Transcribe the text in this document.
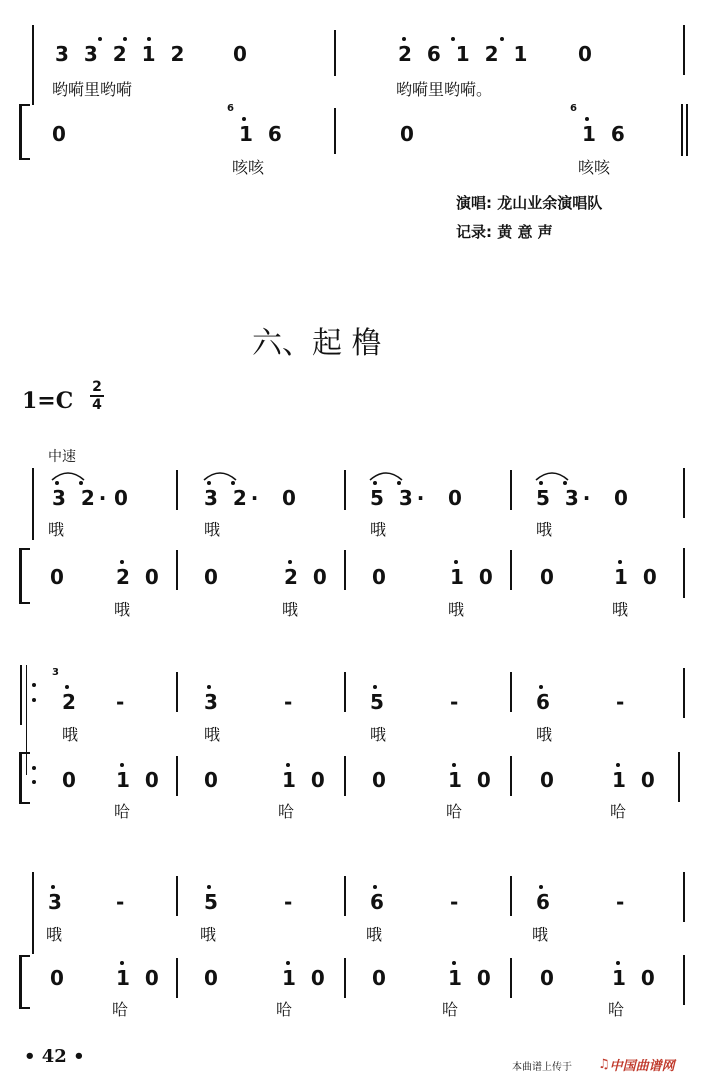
3 3 2 1 2 0	2 6 1 2 1 0
哟嗬里哟嗬	哟嗬里哟嗬。
0
6
1 6	0
6
1 6
咳咳	咳咳
演唱: 龙山业余演唱队
记录: 黄 意 声
六、起 橹
1=C
2
4
中速
3 2· 0	3 2· 0	5 3· 0	5 3· 0
哦	哦	哦	哦
0 2 0 0	2 0 0	1 0 0	1 0
哦	哦	哦	哦
3
2 -	3	-	5	-	6	-
哦	哦	哦	哦
0 1 0 0	1 0 0	1 0 0	1 0
哈	哈	哈	哈
3	-	5	-	6	-	6	-
哦	哦	哦	哦
0 1 0 0	1 0 0	1 0 0	1 0
哈	哈	哈	哈
• 42 •
本曲谱上传于 ♫ 中国曲谱网
